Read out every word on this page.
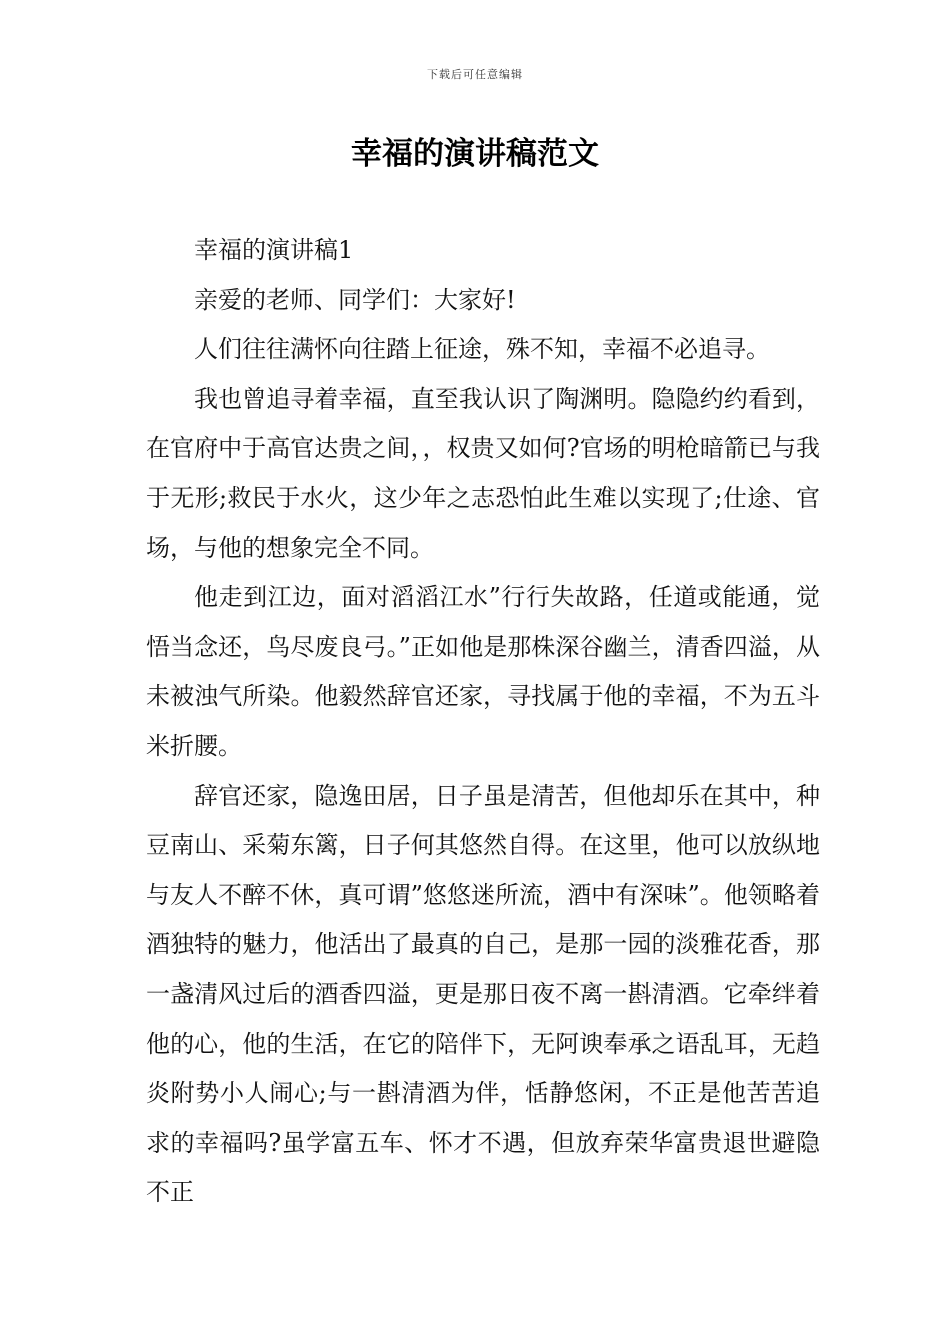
下载后可任意编辑
幸福的演讲稿范文

幸福的演讲稿1

亲爱的老师、同学们：大家好!

人们往往满怀向往踏上征途，殊不知，幸福不必追寻。

我也曾追寻着幸福，直至我认识了陶渊明。隐隐约约看到，在官府中于高官达贵之间，，权贵又如何?官场的明枪暗箭已与我于无形;救民于水火，这少年之志恐怕此生难以实现了;仕途、官场，与他的想象完全不同。

他走到江边，面对滔滔江水”行行失故路，任道或能通，觉悟当念还，鸟尽废良弓。”正如他是那株深谷幽兰，清香四溢，从未被浊气所染。他毅然辞官还家，寻找属于他的幸福，不为五斗米折腰。

辞官还家，隐逸田居，日子虽是清苦，但他却乐在其中，种豆南山、采菊东篱，日子何其悠然自得。在这里，他可以放纵地与友人不醉不休，真可谓”悠悠迷所流，酒中有深味”。他领略着酒独特的魅力，他活出了最真的自己，是那一园的淡雅花香，那一盏清风过后的酒香四溢，更是那日夜不离一斟清酒。它牵绊着他的心，他的生活，在它的陪伴下，无阿谀奉承之语乱耳，无趋炎附势小人闹心;与一斟清酒为伴，恬静悠闲，不正是他苦苦追求的幸福吗?虽学富五车、怀才不遇，但放弃荣华富贵退世避隐不正
